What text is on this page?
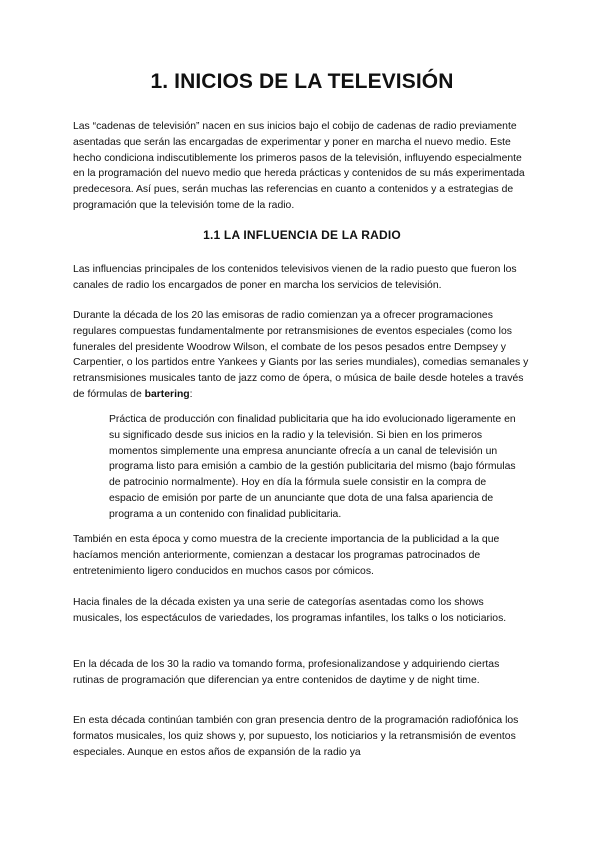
1. INICIOS DE LA TELEVISIÓN

Las “cadenas de televisión” nacen en sus inicios bajo el cobijo de cadenas de radio previamente asentadas que serán las encargadas de experimentar y poner en marcha el nuevo medio. Este hecho condiciona indiscutiblemente los primeros pasos de la televisión, influyendo especialmente en la programación del nuevo medio que hereda prácticas y contenidos de su más experimentada predecesora. Así pues, serán muchas las referencias en cuanto a contenidos y a estrategias de programación que la televisión tome de la radio.

1.1 LA INFLUENCIA DE LA RADIO

Las influencias principales de los contenidos televisivos vienen de la radio puesto que fueron los canales de radio los encargados de poner en marcha los servicios de televisión.

Durante la década de los 20 las emisoras de radio comienzan ya a ofrecer programaciones regulares compuestas fundamentalmente por retransmisiones de eventos especiales (como los funerales del presidente Woodrow Wilson, el combate de los pesos pesados entre Dempsey y Carpentier, o los partidos entre Yankees y Giants por las series mundiales), comedias semanales y retransmisiones musicales tanto de jazz como de ópera, o música de baile desde hoteles a través de fórmulas de bartering:

Práctica de producción con finalidad publicitaria que ha ido evolucionado ligeramente en su significado desde sus inicios en la radio y la televisión. Si bien en los primeros momentos simplemente una empresa anunciante ofrecía a un canal de televisión un programa listo para emisión a cambio de la gestión publicitaria del mismo (bajo fórmulas de patrocinio normalmente). Hoy en día la fórmula suele consistir en la compra de espacio de emisión por parte de un anunciante que dota de una falsa apariencia de programa a un contenido con finalidad publicitaria.

También en esta época y como muestra de la creciente importancia de la publicidad a la que hacíamos mención anteriormente, comienzan a destacar los programas patrocinados de entretenimiento ligero conducidos en muchos casos por cómicos.

Hacia finales de la década existen ya una serie de categorías asentadas como los shows musicales, los espectáculos de variedades, los programas infantiles, los talks o los noticiarios.

En la década de los 30 la radio va tomando forma, profesionalizandose y adquiriendo ciertas rutinas de programación que diferencian ya entre contenidos de daytime y de night time.

En esta década continúan también con gran presencia dentro de la programación radiofónica los formatos musicales, los quiz shows y, por supuesto, los noticiarios y la retransmisión de eventos especiales. Aunque en estos años de expansión de la radio ya
